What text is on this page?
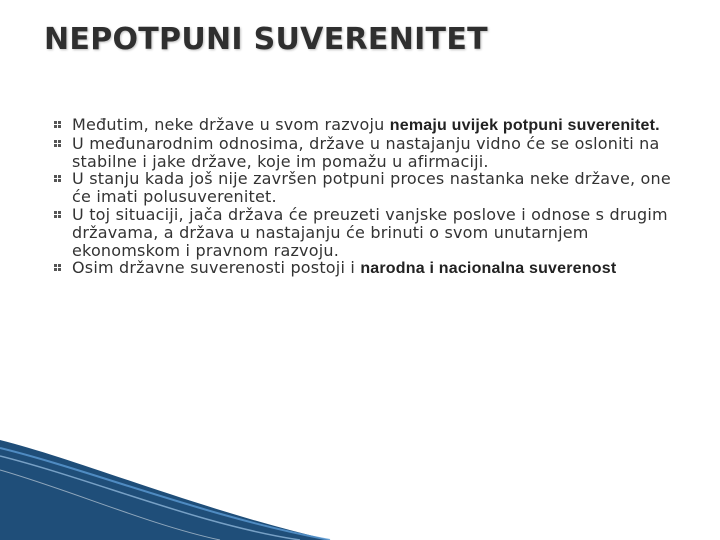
NEPOTPUNI SUVERENITET
Međutim, neke države u svom razvoju nemaju uvijek potpuni suverenitet.
U međunarodnim odnosima, države u nastajanju vidno će se osloniti na stabilne i jake države, koje im pomažu u afirmaciji.
U stanju kada još nije završen potpuni proces nastanka neke države, one će imati polusuverenitet.
U toj situaciji, jača država će preuzeti vanjske poslove i odnose s drugim državama, a država u nastajanju će brinuti o svom unutarnjem ekonomskom i pravnom razvoju.
Osim državne suverenosti postoji i narodna i nacionalna suverenost
